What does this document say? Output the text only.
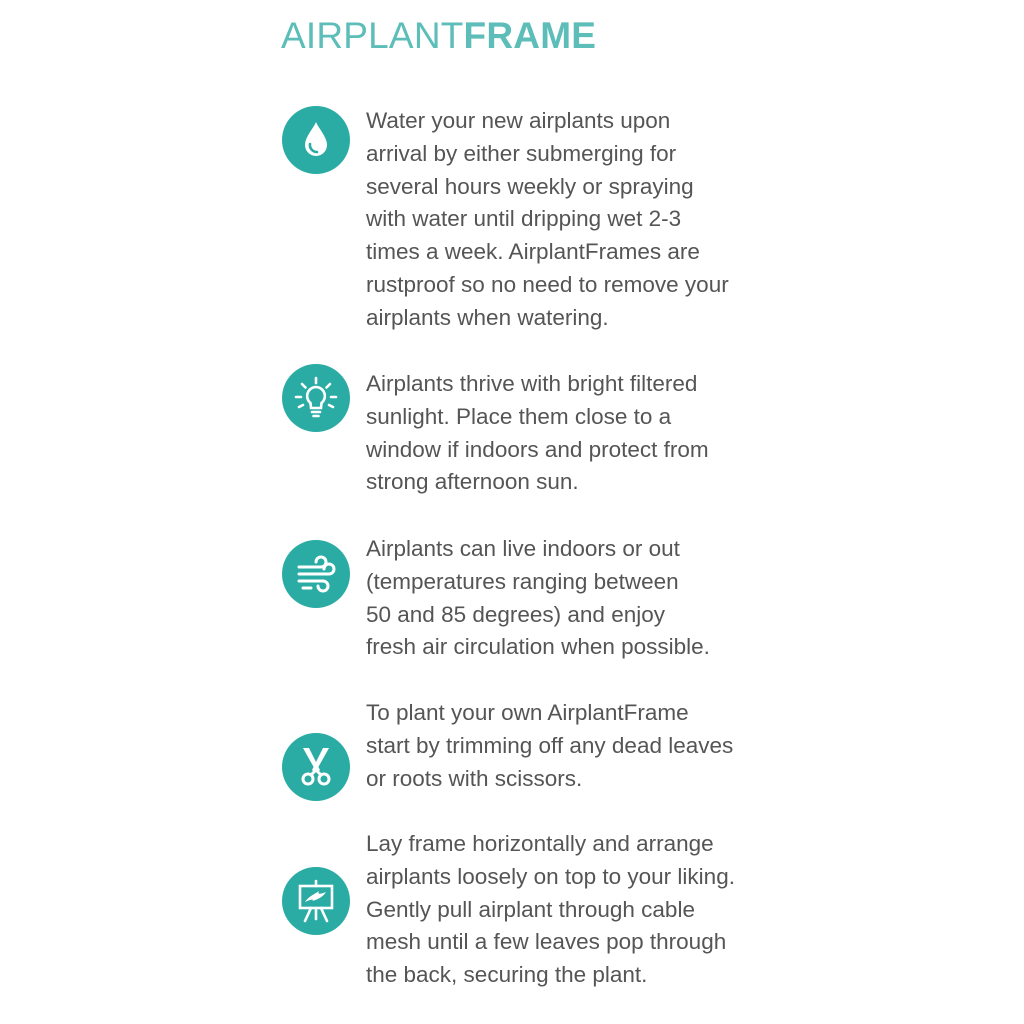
AIRPLANTFRAME

Water your new airplants upon
arrival by either submerging for
several hours weekly or spraying
with water until dripping wet 2-3
times a week. AirplantFrames are
rustproof so no need to remove your
airplants when watering.

Airplants thrive with bright filtered
sunlight. Place them close to a
window if indoors and protect from
strong afternoon sun.

Airplants can live indoors or out
(temperatures ranging between
50 and 85 degrees) and enjoy
fresh air circulation when possible.

To plant your own AirplantFrame
start by trimming off any dead leaves
or roots with scissors.

Lay frame horizontally and arrange
airplants loosely on top to your liking.
Gently pull airplant through cable
mesh until a few leaves pop through
the back, securing the plant.
